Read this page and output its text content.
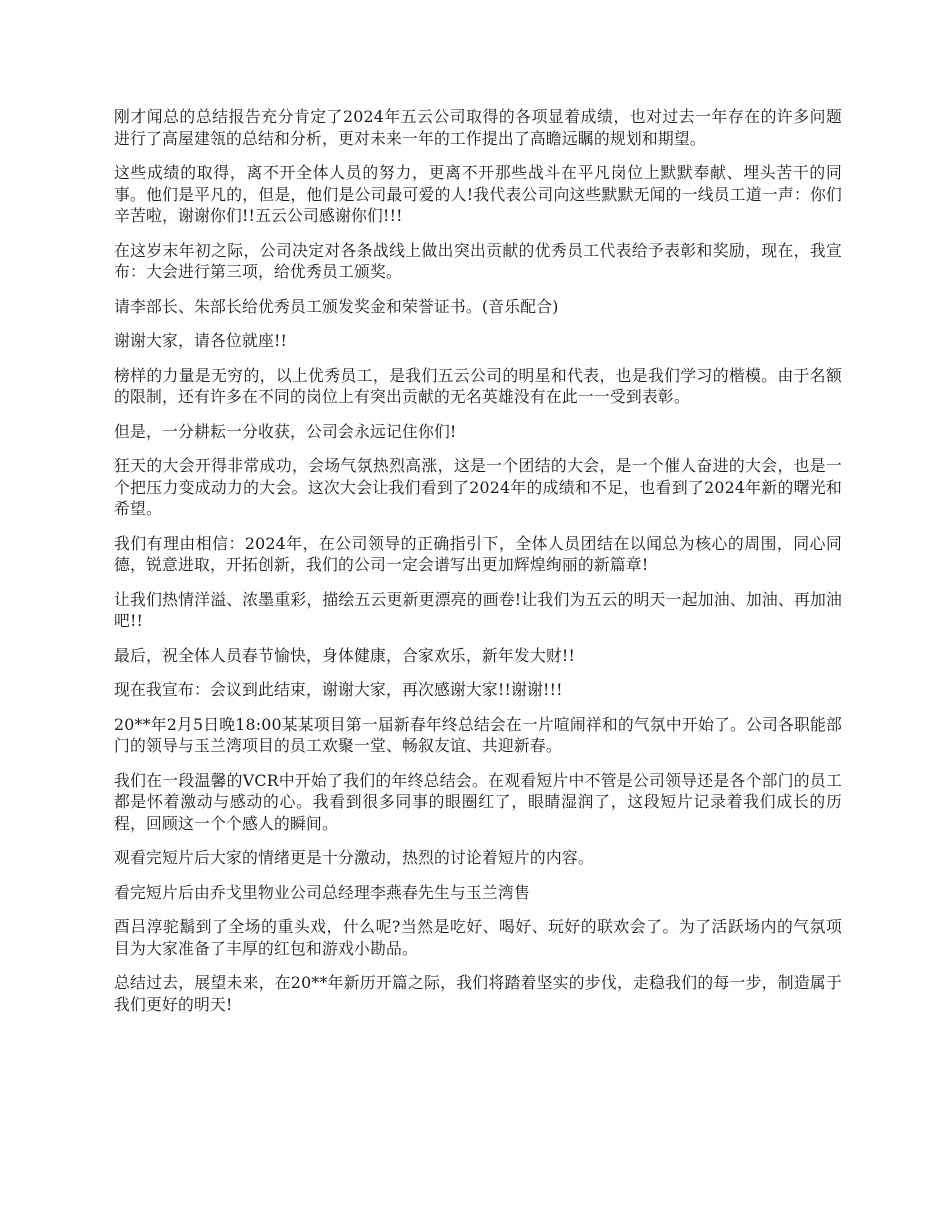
刚才闻总的总结报告充分肯定了2024年五云公司取得的各项显着成绩，也对过去一年存在的许多问题进行了高屋建瓴的总结和分析，更对未来一年的工作提出了高瞻远瞩的规划和期望。

这些成绩的取得，离不开全体人员的努力，更离不开那些战斗在平凡岗位上默默奉献、埋头苦干的同事。他们是平凡的，但是，他们是公司最可爱的人!我代表公司向这些默默无闻的一线员工道一声：你们辛苦啦，谢谢你们!!五云公司感谢你们!!!

在这岁末年初之际，公司决定对各条战线上做出突出贡献的优秀员工代表给予表彰和奖励，现在，我宣布：大会进行第三项，给优秀员工颁奖。

请李部长、朱部长给优秀员工颁发奖金和荣誉证书。(音乐配合)

谢谢大家，请各位就座!!

榜样的力量是无穷的，以上优秀员工，是我们五云公司的明星和代表，也是我们学习的楷模。由于名额的限制，还有许多在不同的岗位上有突出贡献的无名英雄没有在此一一受到表彰。

但是，一分耕耘一分收获，公司会永远记住你们!

狂天的大会开得非常成功，会场气氛热烈高涨，这是一个团结的大会，是一个催人奋进的大会，也是一个把压力变成动力的大会。这次大会让我们看到了2024年的成绩和不足，也看到了2024年新的曙光和希望。

我们有理由相信：2024年，在公司领导的正确指引下，全体人员团结在以闻总为核心的周围，同心同德，锐意进取，开拓创新，我们的公司一定会谱写出更加辉煌绚丽的新篇章!

让我们热情洋溢、浓墨重彩，描绘五云更新更漂亮的画卷!让我们为五云的明天一起加油、加油、再加油吧!!

最后，祝全体人员春节愉快，身体健康，合家欢乐，新年发大财!!

现在我宣布：会议到此结束，谢谢大家，再次感谢大家!!谢谢!!!

20**年2月5日晚18:00某某项目第一届新春年终总结会在一片喧闹祥和的气氛中开始了。公司各职能部门的领导与玉兰湾项目的员工欢聚一堂、畅叙友谊、共迎新春。

我们在一段温馨的VCR中开始了我们的年终总结会。在观看短片中不管是公司领导还是各个部门的员工都是怀着激动与感动的心。我看到很多同事的眼圈红了，眼睛湿润了，这段短片记录着我们成长的历程，回顾这一个个感人的瞬间。

观看完短片后大家的情绪更是十分激动，热烈的讨论着短片的内容。

看完短片后由乔戈里物业公司总经理李燕春先生与玉兰湾售

酉吕淳驼鬍到了全场的重头戏，什么呢?当然是吃好、喝好、玩好的联欢会了。为了活跃场内的气氛项目为大家准备了丰厚的红包和游戏小勘品。

总结过去，展望未来，在20**年新历开篇之际，我们将踏着坚实的步伐，走稳我们的每一步，制造属于我们更好的明天!
